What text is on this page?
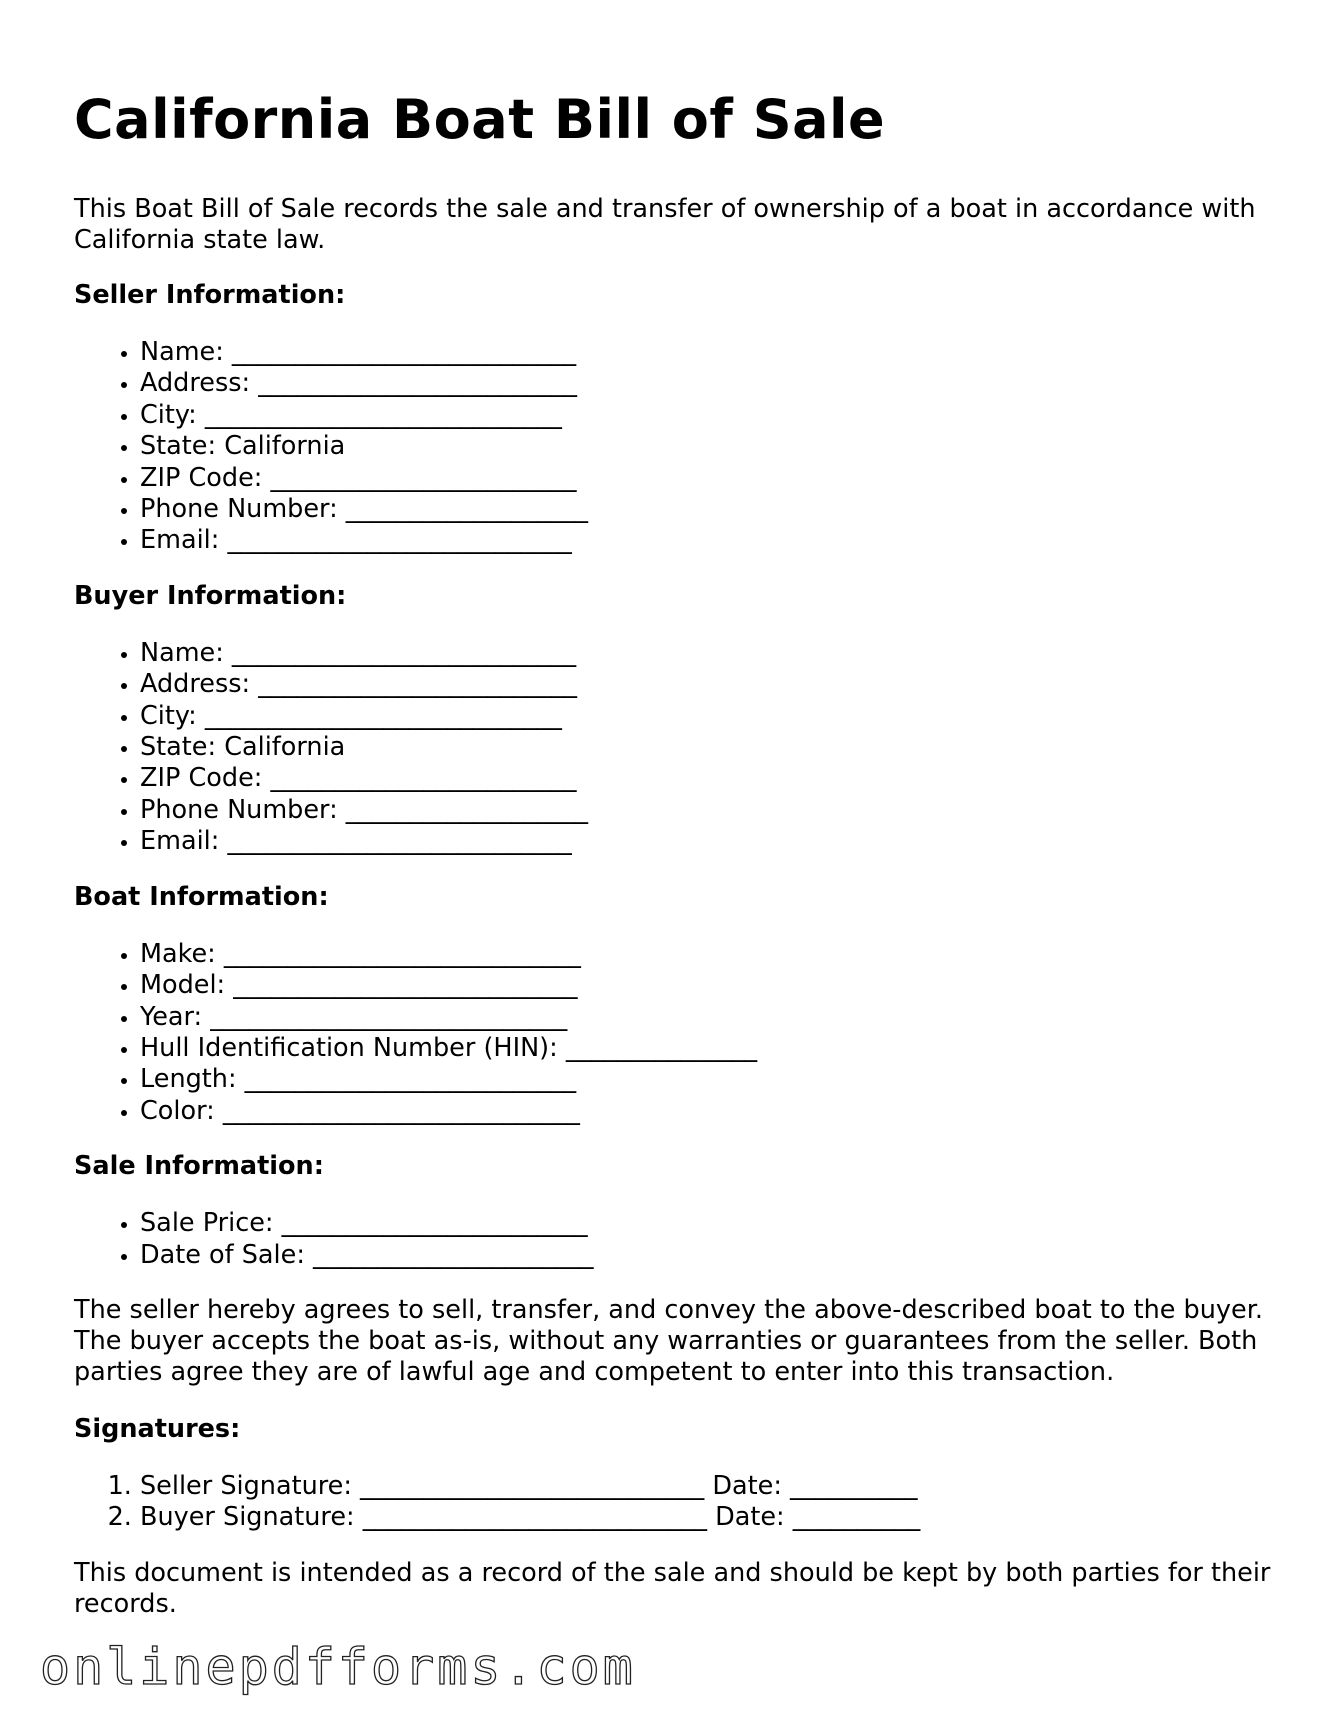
California Boat Bill of Sale

This Boat Bill of Sale records the sale and transfer of ownership of a boat in accordance with California state law.

Seller Information:
• Name: ___________________________
• Address: _________________________
• City: ____________________________
• State: California
• ZIP Code: ________________________
• Phone Number: ___________________
• Email: ___________________________
Buyer Information:
• Name: ___________________________
• Address: _________________________
• City: ____________________________
• State: California
• ZIP Code: ________________________
• Phone Number: ___________________
• Email: ___________________________
Boat Information:
• Make: ____________________________
• Model: ___________________________
• Year: ____________________________
• Hull Identification Number (HIN): _______________
• Length: __________________________
• Color: ____________________________
Sale Information:
• Sale Price: ________________________
• Date of Sale: ______________________

The seller hereby agrees to sell, transfer, and convey the above-described boat to the buyer. The buyer accepts the boat as-is, without any warranties or guarantees from the seller. Both parties agree they are of lawful age and competent to enter into this transaction.

Signatures:
1. Seller Signature: ___________________________ Date: __________
2. Buyer Signature: ___________________________ Date: __________

This document is intended as a record of the sale and should be kept by both parties for their records.

onlinepdfforms.com
